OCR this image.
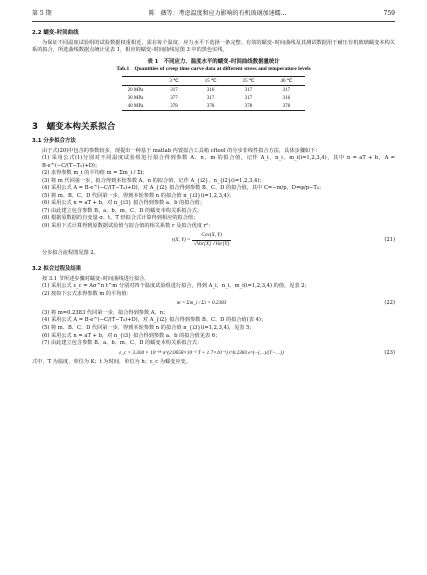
第 5 期	陈　薇等：考虑温度和应力影响的有机玻璃加速蠕…	759
2.2 蠕变–时间曲线

为保证不同温度试验组的试验数据权重相近，需在每个温度、应力水平下选择一条完整、有效的蠕变–时间曲线及其测试数据用于耐压有机玻璃蠕变本构关系的拟合，所选曲线数据点统计见表 1，相应的蠕变–时间曲线见图 3 中的黑色实线。

表 1　不同应力、温度水平的蠕变–时间曲线数据量统计
Tab.1　Quantities of creep time curve data at different stress and temperature levels
	3 ℃	15 ℃	25 ℃	40 ℃
20 MPa	317	316	317	317
30 MPa	377	317	317	316
40 MPa	378	378	378	378
3　蠕变本构关系拟合
3.1 分步拟合方法

由于式(20)中包含的参数较多，现提出一种基于 matlab 内置拟合工具箱 cftool 的分步非线性拟合方法，具体步骤如下：

(1) 采用公式(1)分别对不同温度试验组进行拟合得到参数 A、n、m 的拟合值，记作 A_i、n_i、m_i(i=1,2,3,4)，其中 n = aT + b，A = B·e^(−C/(T−T₀)+D)；
(2) 求得参数 m_i 的平均值 m = Σm_i / Σi；
(3) 将 m 代回第一步，拟合得到本轮参数 A、n 的拟合值，记作 A_{i2}、n_{i2}(i=1,2,3,4)；
(4) 采用公式 A = B·e^(−C/(T−T₀)+D)，对 A_{i2} 拟合得到参数 B、C、D 的拟合值，其中 C=−m/p，D=φ/p−T₀；
(5) 将 m、B、C、D 代回第一步，得到本轮参数 n 的拟合值 n_{i3}(i=1,2,3,4)；
(6) 采用公式 n = aT + b，对 n_{i3} 拟合得到参数 a、b 的拟合值；
(7) 由此建立包含参数 B、a、b、m、C、D 的蠕变本构关系拟合式；
(8) 根据原数据的自变量 σ、t、T 经拟合式计算得到相应的拟合值；
(9) 采用下式计算得到原数据试验值与拟合值的相关系数 r 及拟合优度 r²：
r(X, $Y) = \frac{\text{Cov(X, Y)}}{\text{√Var[X] √Var[Y]}}$	(21)

分步拟合流程图见图 2。

3.2 拟合过程及结果

按 3.1 节所述步骤对蠕变–时间曲线进行拟合。

(1) 采用公式 ε_c = Aσ^n t^m 分别对四个温度试验组进行拟合，得到 A_i、n_i、m_i(i=1,2,3,4) 的值，见表 2；
(2) 按如下公式求得参数 m 的平均值：
m = Σm_i / Σi = 0.2383	(22)
(3) 将 m=0.2383 代回第一步，拟合得到参数 A、n；
(4) 采用公式 A = B·e^(−C/(T−T₀)+D)，对 A_{i2} 拟合得到参数 B、C、D 的拟合值(表 4)；
(5) 将 m、B、C、D 代回第一步，得到本轮参数 n 的拟合值 n_{i3}(i=1,2,3,4)，见表 5；
(6) 采用公式 n = aT + b，对 n_{i3} 拟合得到参数 a、b 的拟合值见表 6；
(7) 由此建立包含参数 B、a、b、m、C、D 的蠕变本构关系拟合式：
ε_c = 3.304 × 10⁻¹⁸ σ^(2.0658×10⁻² T + 1.7×10⁻¹) t^0.2383 e^(−(…)/(T−…))	(23)

式中，T 为温度，单位为 K；t 为时间，单位为 h；ε_c 为蠕变应变。
